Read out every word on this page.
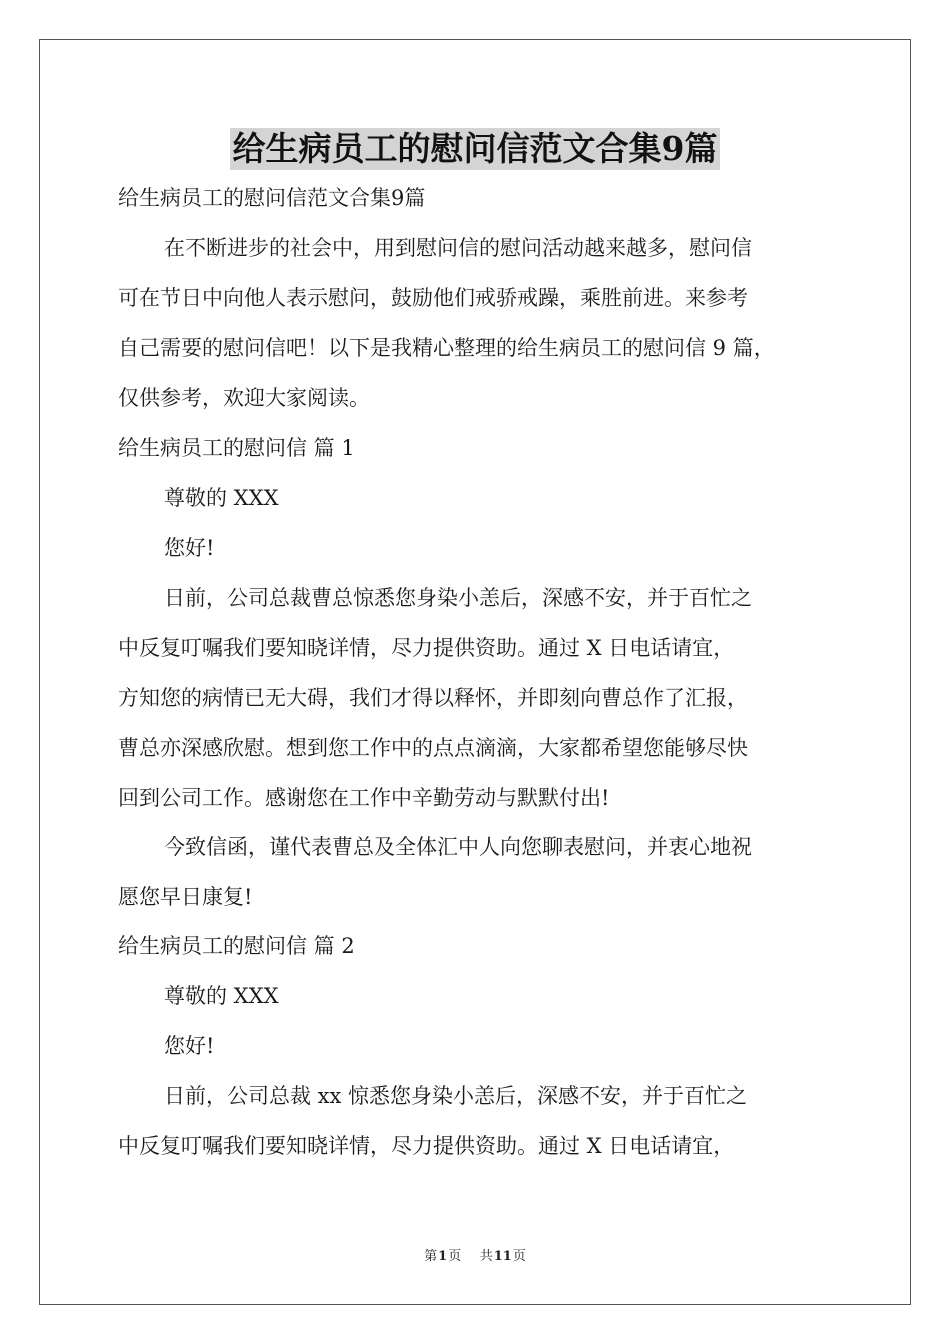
给生病员工的慰问信范文合集9篇

给生病员工的慰问信范文合集9篇

在不断进步的社会中，用到慰问信的慰问活动越来越多，慰问信

可在节日中向他人表示慰问，鼓励他们戒骄戒躁，乘胜前进。来参考

自己需要的慰问信吧！以下是我精心整理的给生病员工的慰问信 9 篇，

仅供参考，欢迎大家阅读。

给生病员工的慰问信 篇 1

尊敬的 XXX

您好!

日前，公司总裁曹总惊悉您身染小恙后，深感不安，并于百忙之

中反复叮嘱我们要知晓详情，尽力提供资助。通过 X 日电话请宜，

方知您的病情已无大碍，我们才得以释怀，并即刻向曹总作了汇报，

曹总亦深感欣慰。想到您工作中的点点滴滴，大家都希望您能够尽快

回到公司工作。感谢您在工作中辛勤劳动与默默付出!

今致信函，谨代表曹总及全体汇中人向您聊表慰问，并衷心地祝

愿您早日康复!

给生病员工的慰问信 篇 2

尊敬的 XXX

您好!

日前，公司总裁 xx 惊悉您身染小恙后，深感不安，并于百忙之

中反复叮嘱我们要知晓详情，尽力提供资助。通过 X 日电话请宜，

第1页 共11页
